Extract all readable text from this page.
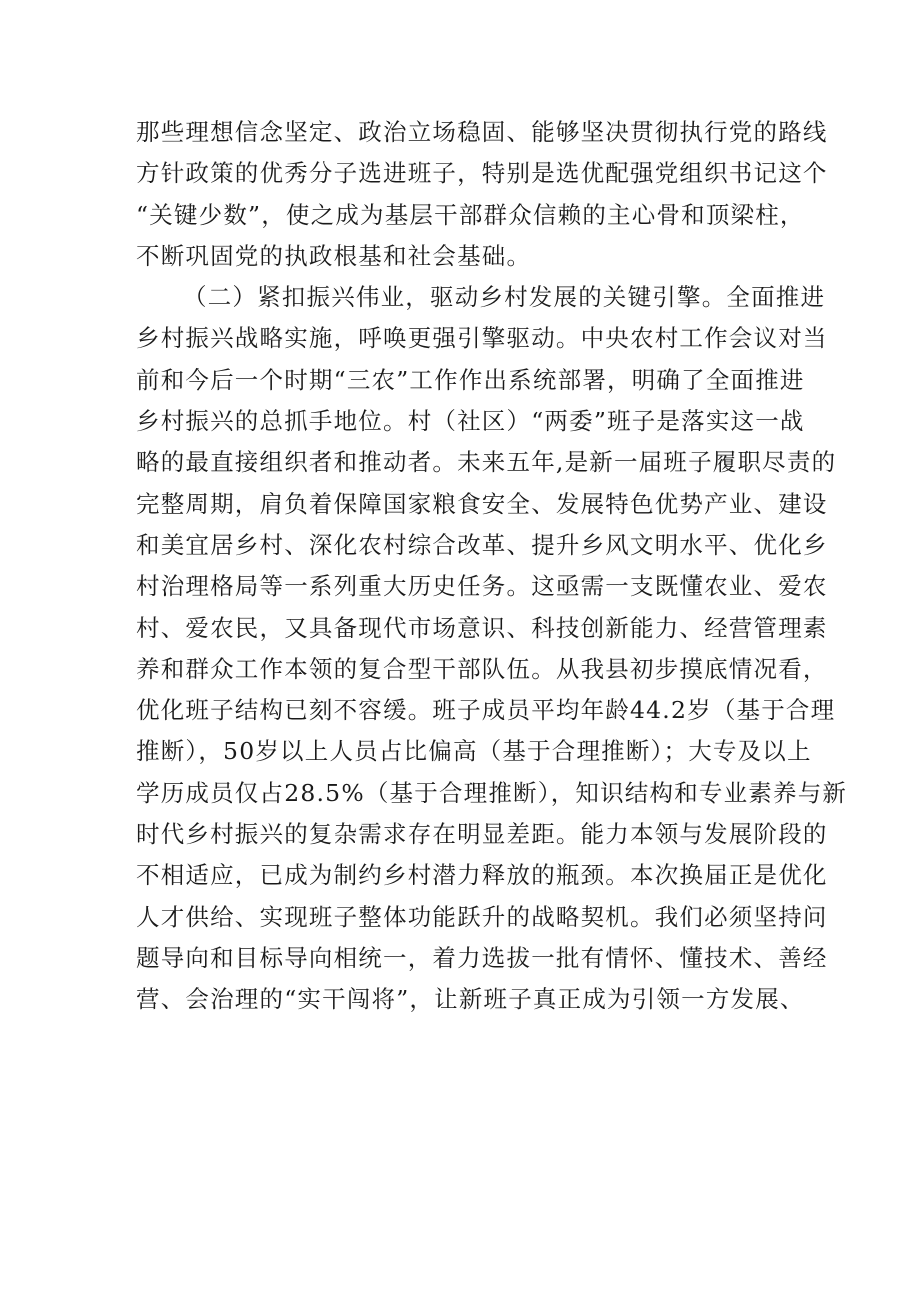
那些理想信念坚定、政治立场稳固、能够坚决贯彻执行党的路线
方针政策的优秀分子选进班子，特别是选优配强党组织书记这个
“关键少数”，使之成为基层干部群众信赖的主心骨和顶梁柱，
不断巩固党的执政根基和社会基础。
（二）紧扣振兴伟业，驱动乡村发展的关键引擎。全面推进
乡村振兴战略实施，呼唤更强引擎驱动。中央农村工作会议对当
前和今后一个时期“三农”工作作出系统部署，明确了全面推进
乡村振兴的总抓手地位。村（社区）“两委”班子是落实这一战
略的最直接组织者和推动者。未来五年,是新一届班子履职尽责的
完整周期，肩负着保障国家粮食安全、发展特色优势产业、建设
和美宜居乡村、深化农村综合改革、提升乡风文明水平、优化乡
村治理格局等一系列重大历史任务。这亟需一支既懂农业、爱农
村、爱农民，又具备现代市场意识、科技创新能力、经营管理素
养和群众工作本领的复合型干部队伍。从我县初步摸底情况看，
优化班子结构已刻不容缓。班子成员平均年龄44.2岁（基于合理
推断），50岁以上人员占比偏高（基于合理推断）；大专及以上
学历成员仅占28.5%（基于合理推断），知识结构和专业素养与新
时代乡村振兴的复杂需求存在明显差距。能力本领与发展阶段的
不相适应，已成为制约乡村潜力释放的瓶颈。本次换届正是优化
人才供给、实现班子整体功能跃升的战略契机。我们必须坚持问
题导向和目标导向相统一，着力选拔一批有情怀、懂技术、善经
营、会治理的“实干闯将”，让新班子真正成为引领一方发展、
